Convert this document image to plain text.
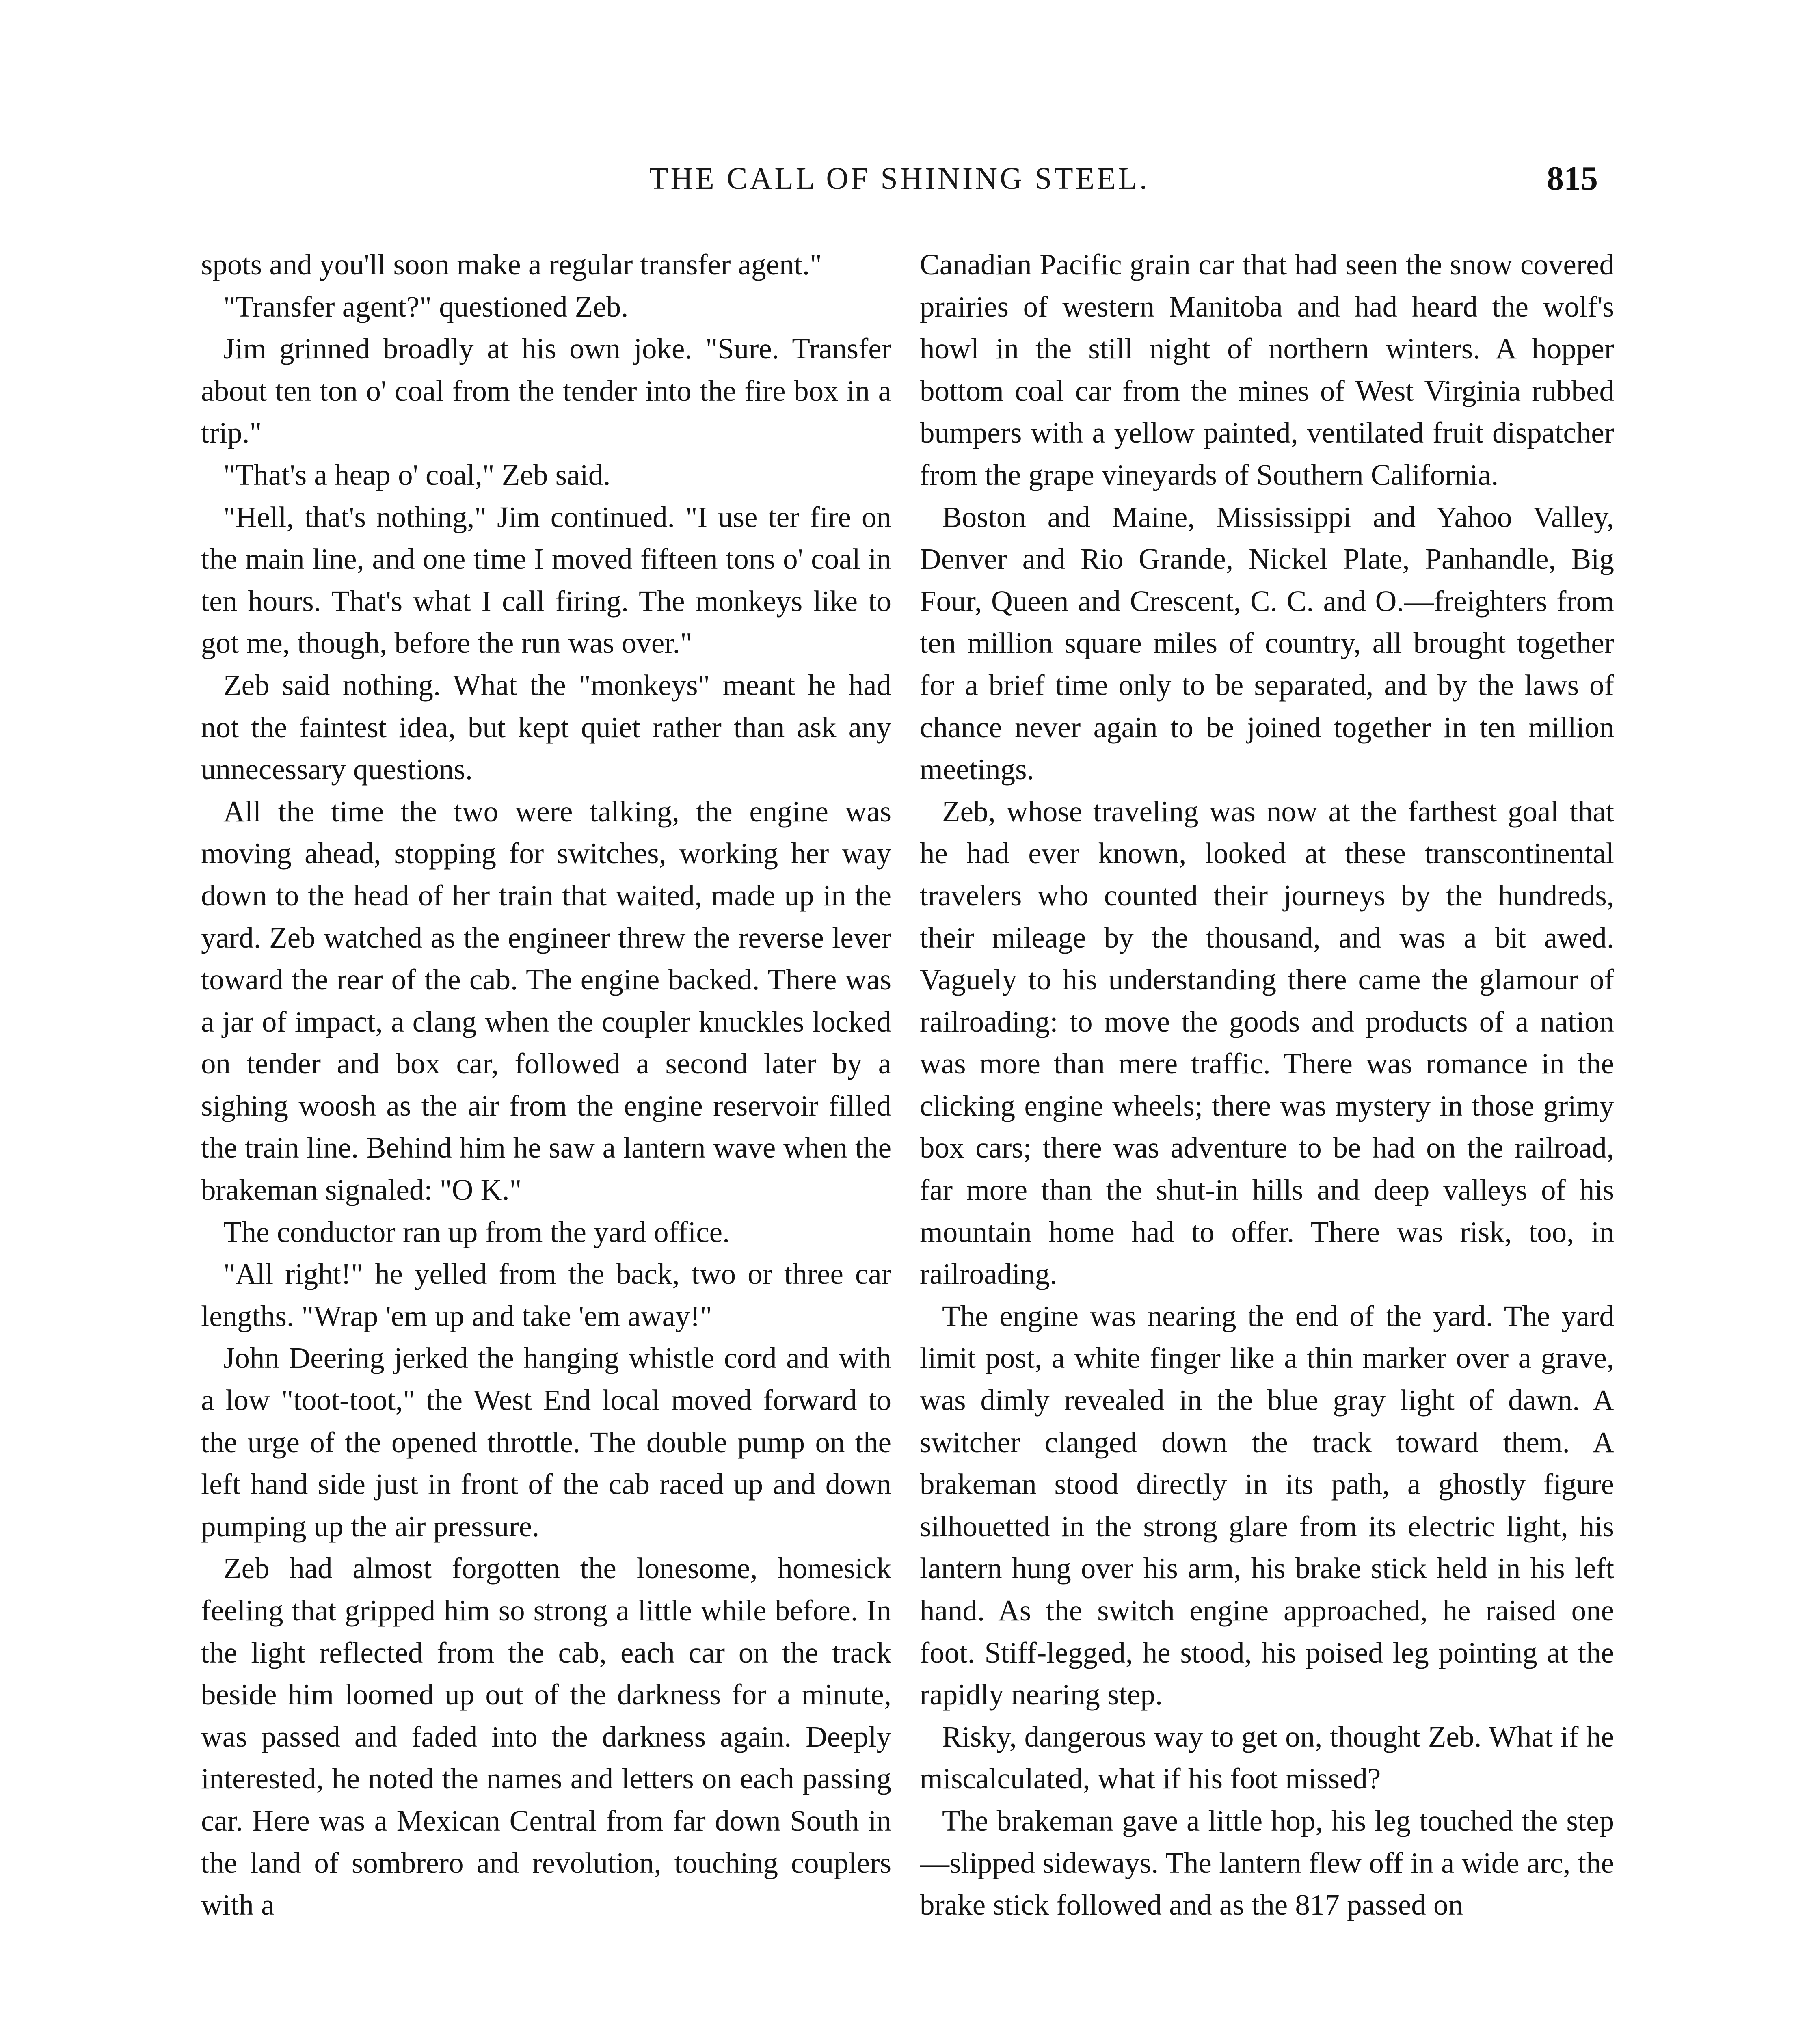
THE CALL OF SHINING STEEL.	815

spots and you'll soon make a regular transfer agent."

"Transfer agent?" questioned Zeb.

Jim grinned broadly at his own joke. "Sure. Transfer about ten ton o' coal from the tender into the fire box in a trip."

"That's a heap o' coal," Zeb said.

"Hell, that's nothing," Jim continued. "I use ter fire on the main line, and one time I moved fifteen tons o' coal in ten hours. That's what I call firing. The monkeys like to got me, though, before the run was over."

Zeb said nothing. What the "monkeys" meant he had not the faintest idea, but kept quiet rather than ask any unnecessary questions.

All the time the two were talking, the engine was moving ahead, stopping for switches, working her way down to the head of her train that waited, made up in the yard. Zeb watched as the engineer threw the reverse lever toward the rear of the cab. The engine backed. There was a jar of impact, a clang when the coupler knuckles locked on tender and box car, followed a second later by a sighing woosh as the air from the engine reservoir filled the train line. Behind him he saw a lantern wave when the brakeman signaled: "O K."

The conductor ran up from the yard office.

"All right!" he yelled from the back, two or three car lengths. "Wrap 'em up and take 'em away!"

John Deering jerked the hanging whistle cord and with a low "toot-toot," the West End local moved forward to the urge of the opened throttle. The double pump on the left hand side just in front of the cab raced up and down pumping up the air pressure.

Zeb had almost forgotten the lonesome, homesick feeling that gripped him so strong a little while before. In the light reflected from the cab, each car on the track beside him loomed up out of the darkness for a minute, was passed and faded into the darkness again. Deeply interested, he noted the names and letters on each passing car. Here was a Mexican Central from far down South in the land of sombrero and revolution, touching couplers with a

Canadian Pacific grain car that had seen the snow covered prairies of western Manitoba and had heard the wolf's howl in the still night of northern winters. A hopper bottom coal car from the mines of West Virginia rubbed bumpers with a yellow painted, ventilated fruit dispatcher from the grape vineyards of Southern California.

Boston and Maine, Mississippi and Yahoo Valley, Denver and Rio Grande, Nickel Plate, Panhandle, Big Four, Queen and Crescent, C. C. and O.—freighters from ten million square miles of country, all brought together for a brief time only to be separated, and by the laws of chance never again to be joined together in ten million meetings.

Zeb, whose traveling was now at the farthest goal that he had ever known, looked at these transcontinental travelers who counted their journeys by the hundreds, their mileage by the thousand, and was a bit awed. Vaguely to his understanding there came the glamour of railroading: to move the goods and products of a nation was more than mere traffic. There was romance in the clicking engine wheels; there was mystery in those grimy box cars; there was adventure to be had on the railroad, far more than the shut-in hills and deep valleys of his mountain home had to offer. There was risk, too, in railroading.

The engine was nearing the end of the yard. The yard limit post, a white finger like a thin marker over a grave, was dimly revealed in the blue gray light of dawn. A switcher clanged down the track toward them. A brakeman stood directly in its path, a ghostly figure silhouetted in the strong glare from its electric light, his lantern hung over his arm, his brake stick held in his left hand. As the switch engine approached, he raised one foot. Stiff-legged, he stood, his poised leg pointing at the rapidly nearing step.

Risky, dangerous way to get on, thought Zeb. What if he miscalculated, what if his foot missed?

The brakeman gave a little hop, his leg touched the step—slipped sideways. The lantern flew off in a wide arc, the brake stick followed and as the 817 passed on
